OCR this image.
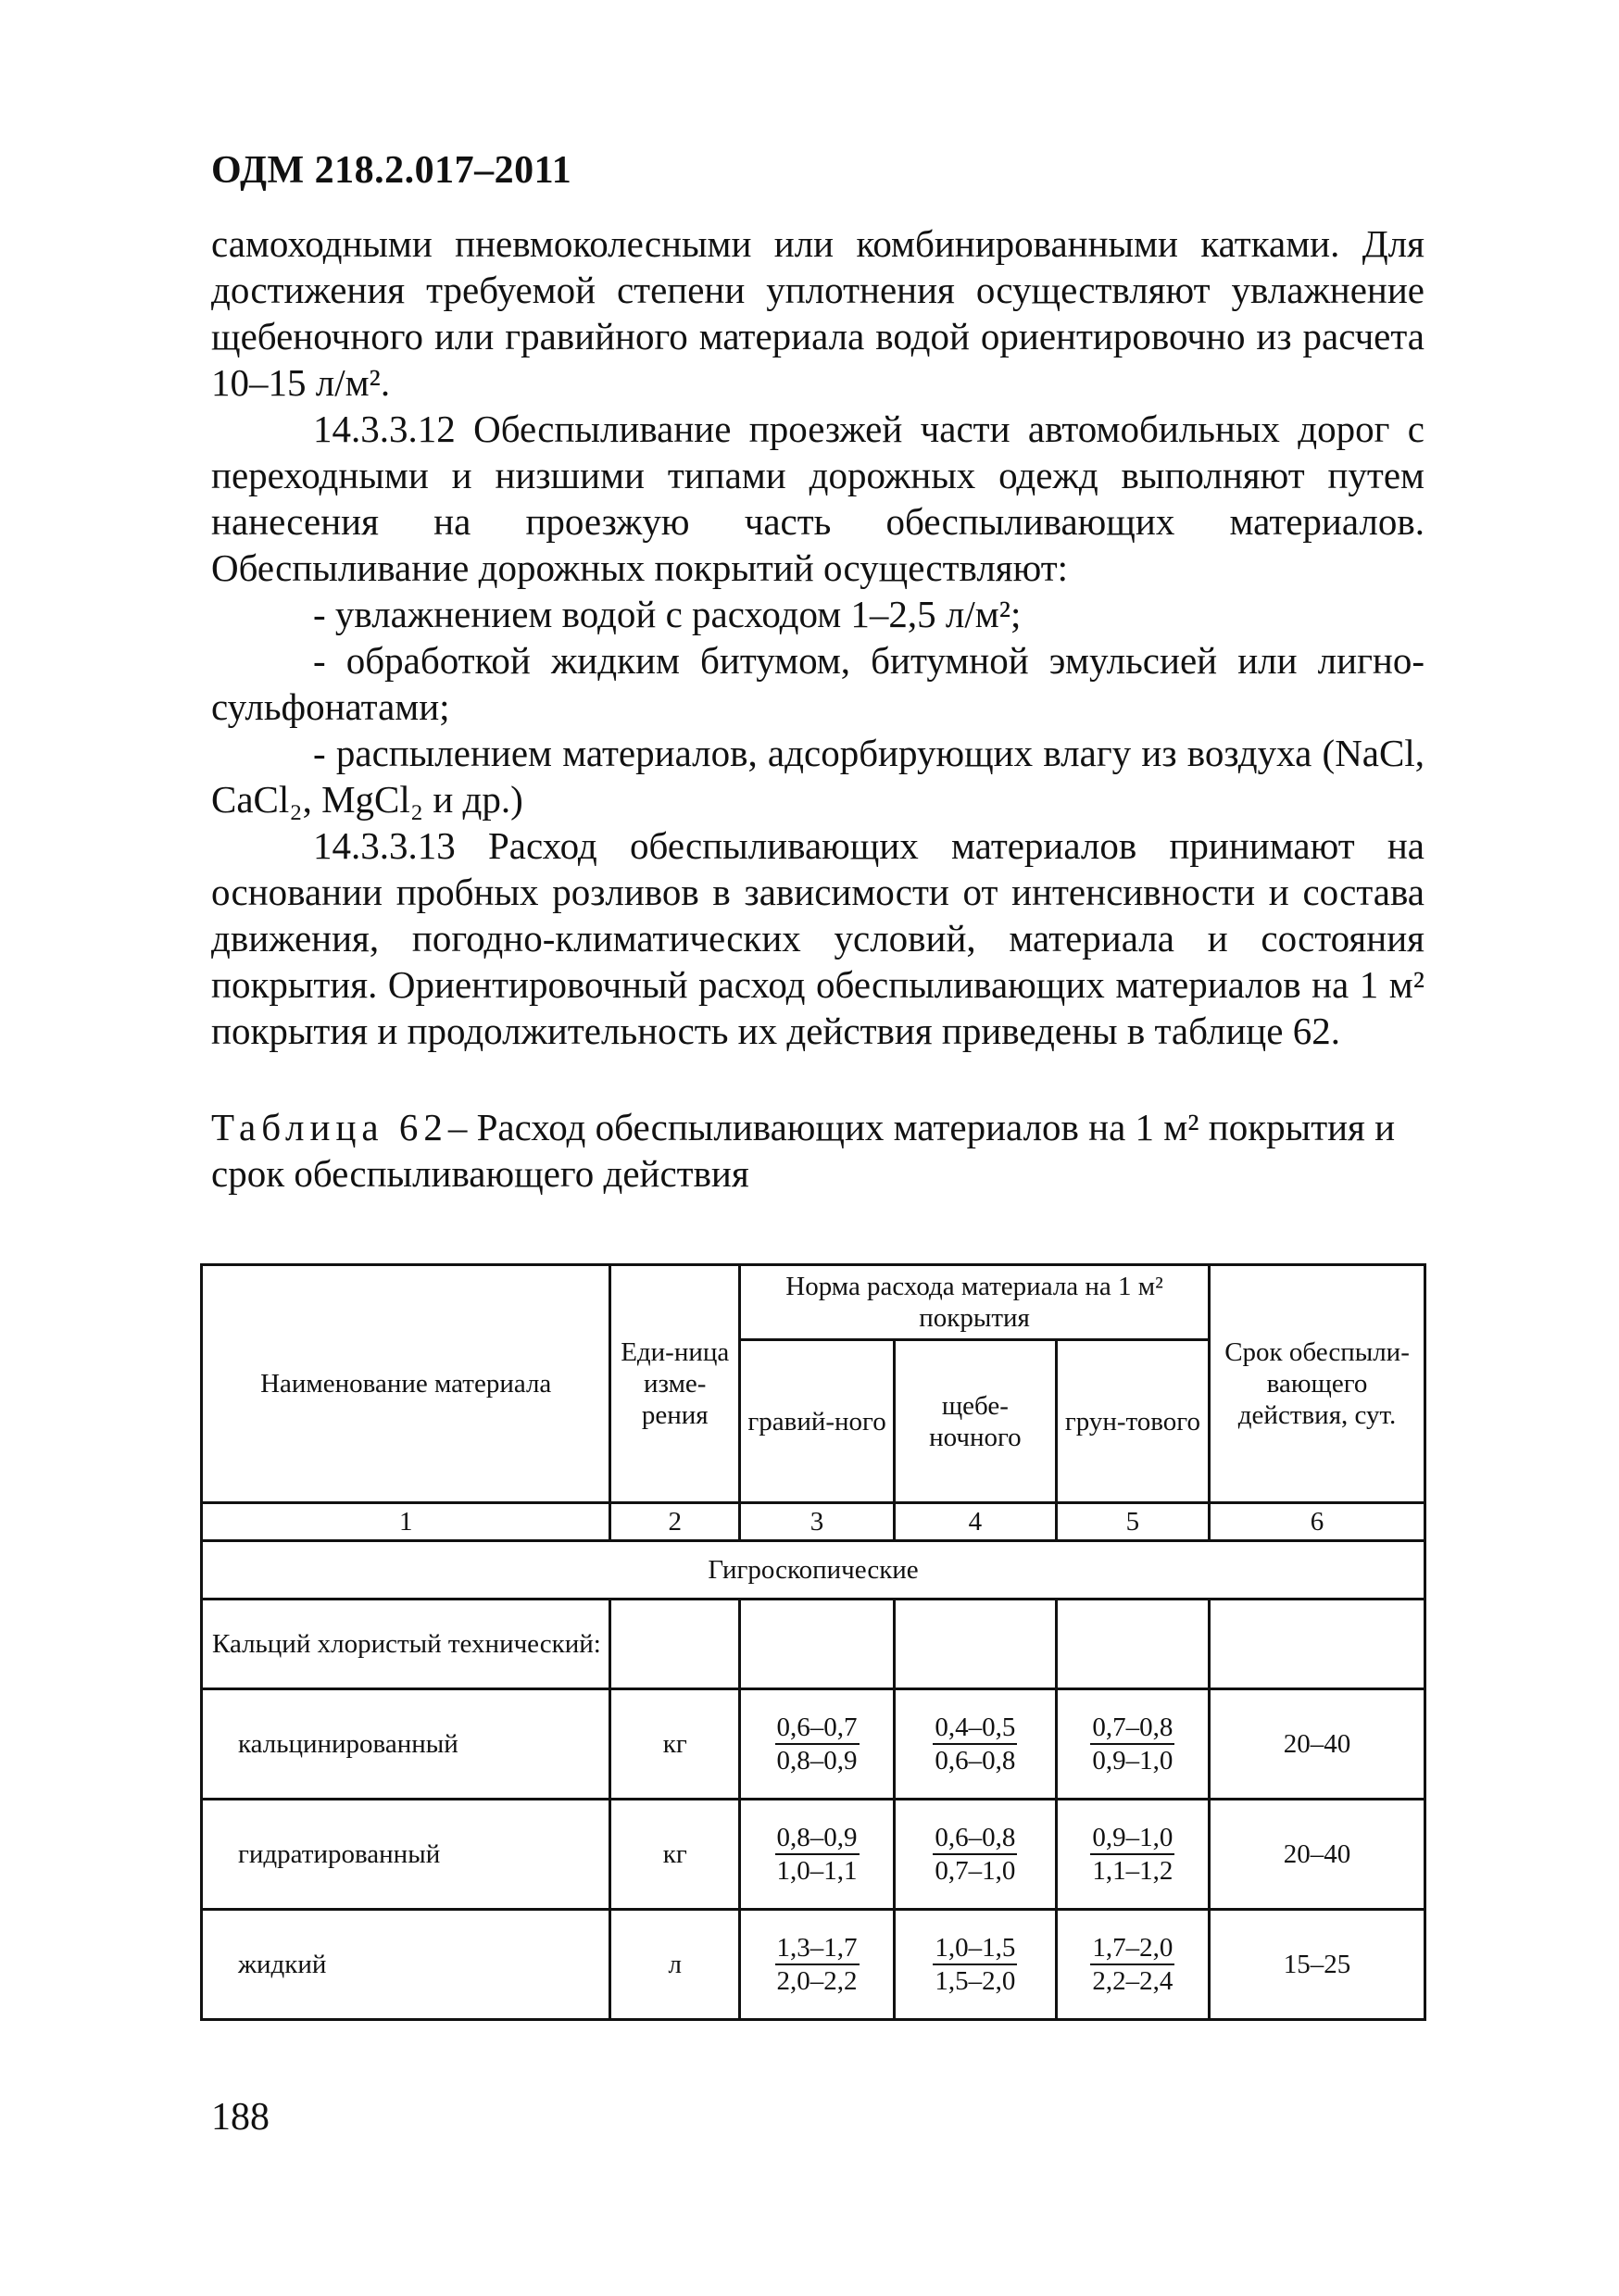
ОДМ 218.2.017–2011

самоходными пневмоколесными или комбинированными катками. Для достижения требуемой степени уплотнения осуществляют увлажнение щебеночного или гравийного материала водой ориентировочно из расчета 10–15 л/м².

14.3.3.12 Обеспыливание проезжей части автомобильных дорог с переходными и низшими типами дорожных одежд выполняют путем нанесения на проезжую часть обеспыливающих материалов. Обеспыливание дорожных покрытий осуществляют:

- увлажнением водой с расходом 1–2,5 л/м²;

- обработкой жидким битумом, битумной эмульсией или лигно-сульфонатами;

- распылением материалов, адсорбирующих влагу из воздуха (NaCl, CaCl₂, MgCl₂ и др.)

14.3.3.13 Расход обеспыливающих материалов принимают на основании пробных розливов в зависимости от интенсивности и состава движения, погодно-климатических условий, материала и состояния покрытия. Ориентировочный расход обеспыливающих материалов на 1 м² покрытия и продолжительность их действия приведены в таблице 62.

Таблица 62– Расход обеспыливающих материалов на 1 м² покрытия и срок обеспыливающего действия
Наименование материала	Еди-ница изме-рения	Норма расхода материала на 1 м² покрытия			Срок обеспыли-вающего действия, сут.
		гравий-ного	щебе-ночного	грун-тового	
1	2	3	4	5	6
Гигроскопические					
Кальций хлористый технический:					
кальцинированный	кг	$\frac{0,6-0,7}{0,8-0,9}$	$\frac{0,4-0,5}{0,6-0,8}$	$\frac{0,7-0,8}{0,9-1,0}$	20–40
гидратированный	кг	$\frac{0,8-0,9}{1,0-1,1}$	$\frac{0,6-0,8}{0,7-1,0}$	$\frac{0,9-1,0}{1,1-1,2}$	20–40
жидкий	л	$\frac{1,3-1,7}{2,0-2,2}$	$\frac{1,0-1,5}{1,5-2,0}$	$\frac{1,7-2,0}{2,2-2,4}$	15–25
188
